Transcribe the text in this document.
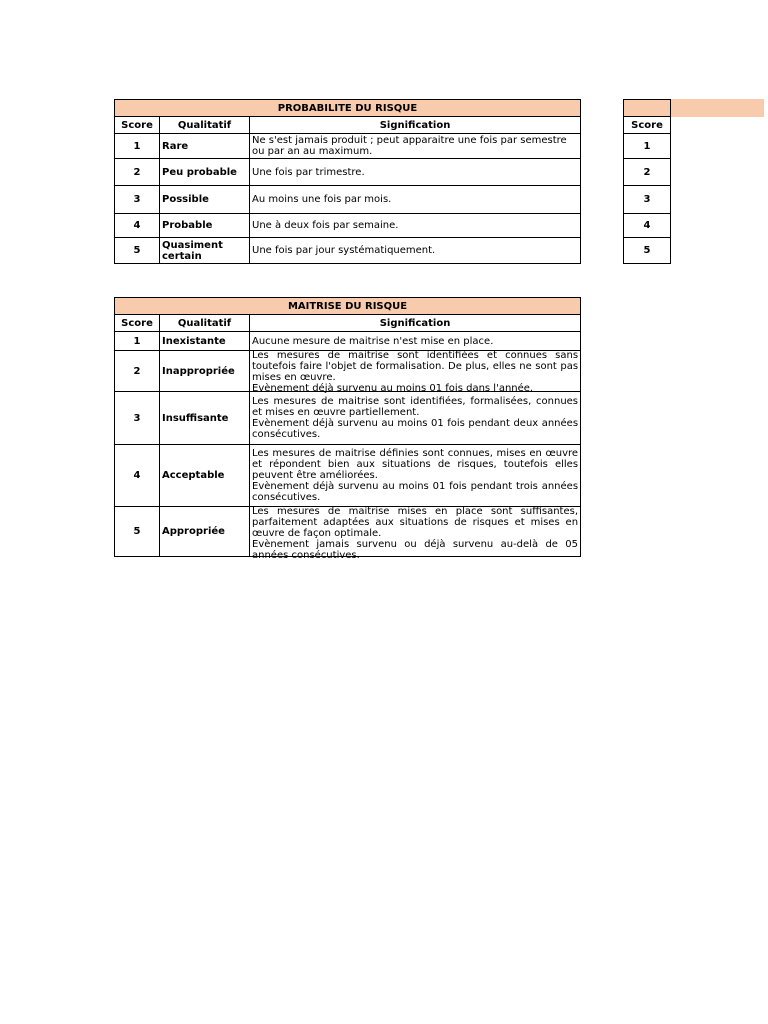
PROBABILITE DU RISQUE		
Score	Qualitatif	Signification
1	Rare	Ne s'est jamais produit ; peut apparaitre une fois par semestre ou par an au maximum.
2	Peu probable	Une fois par trimestre.
3	Possible	Au moins une fois par mois.
4	Probable	Une à deux fois par semaine.
5	Quasiment certain	Une fois par jour systématiquement.

Score
1
2
3
4
5
MAITRISE DU RISQUE		
Score	Qualitatif	Signification
1	Inexistante	Aucune mesure de maitrise n'est mise en place.
2	Inappropriée	Les mesures de maitrise sont identifiées et connues sans toutefois faire l'objet de formalisation. De plus, elles ne sont pas mises en œuvre.
Evènement déjà survenu au moins 01 fois dans l'année.

3	Insuffisante	Les mesures de maitrise sont identifiées, formalisées, connues et mises en œuvre partiellement.
Evènement déjà survenu au moins 01 fois pendant deux années consécutives.

4	Acceptable	Les mesures de maitrise définies sont connues, mises en œuvre et répondent bien aux situations de risques, toutefois elles peuvent être améliorées.
Evènement déjà survenu au moins 01 fois pendant trois années consécutives.

5	Appropriée	Les mesures de maitrise mises en place sont suffisantes, parfaitement adaptées aux situations de risques et mises en œuvre de façon optimale.
Evènement jamais survenu ou déjà survenu au-delà de 05 années consécutives.
